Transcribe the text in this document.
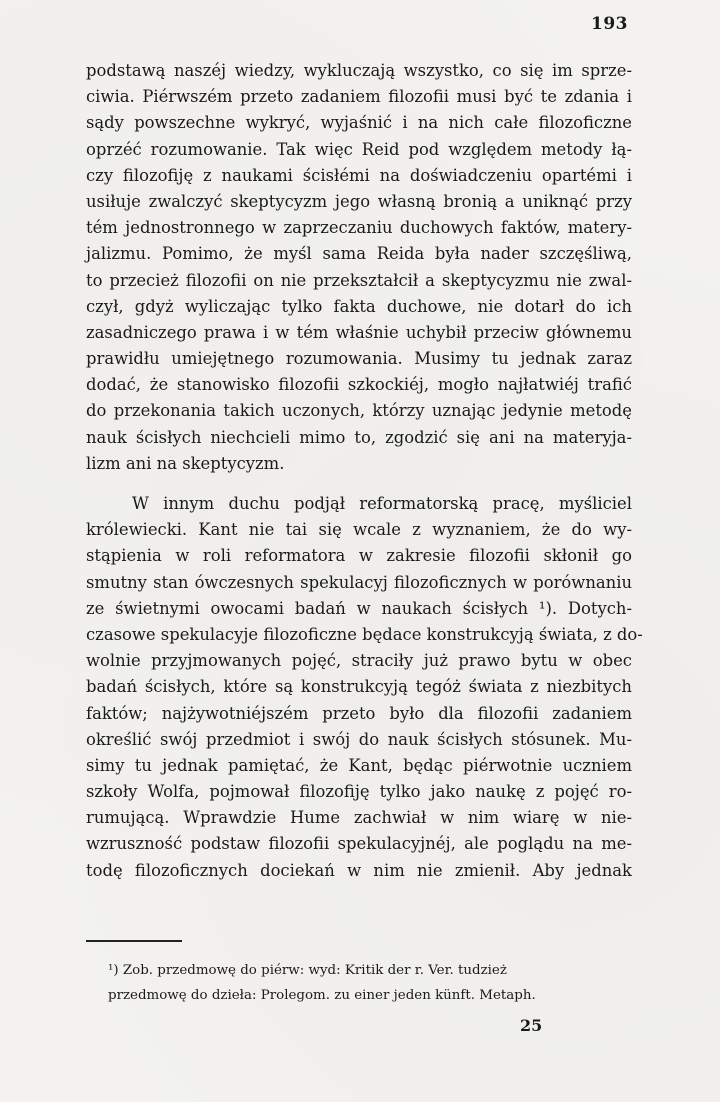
193
podstawą naszéj wiedzy, wykluczają wszystko, co się im sprze-
ciwia. Piérwszém przeto zadaniem filozofii musi być te zdania i
sądy powszechne wykryć, wyjaśnić i na nich całe filozoficzne
oprzéć rozumowanie. Tak więc Reid pod względem metody łą-
czy filozofiję z naukami ścisłémi na doświadczeniu opartémi i
usiłuje zwalczyć skeptycyzm jego własną bronią a uniknąć przy
tém jednostronnego w zaprzeczaniu duchowych faktów, matery-
jalizmu. Pomimo, że myśl sama Reida była nader szczęśliwą,
to przecież filozofii on nie przekształcił a skeptycyzmu nie zwal-
czył, gdyż wyliczając tylko fakta duchowe, nie dotarł do ich
zasadniczego prawa i w tém właśnie uchybił przeciw głównemu
prawidłu umiejętnego rozumowania. Musimy tu jednak zaraz
dodać, że stanowisko filozofii szkockiéj, mogło najłatwiéj trafić
do przekonania takich uczonych, którzy uznając jedynie metodę
nauk ścisłych niechcieli mimo to, zgodzić się ani na materyja-
lizm ani na skeptycyzm.
W innym duchu podjął reformatorską pracę, myśliciel
królewiecki. Kant nie tai się wcale z wyznaniem, że do wy-
stąpienia w roli reformatora w zakresie filozofii skłonił go
smutny stan ówczesnych spekulacyj filozoficznych w porównaniu
ze świetnymi owocami badań w naukach ścisłych ¹). Dotych-
czasowe spekulacyje filozoficzne będace konstrukcyją świata, z do-
wolnie przyjmowanych pojęć, straciły już prawo bytu w obec
badań ścisłych, które są konstrukcyją tegóż świata z niezbitych
faktów; najżywotniéjszém przeto było dla filozofii zadaniem
określić swój przedmiot i swój do nauk ścisłych stósunek. Mu-
simy tu jednak pamiętać, że Kant, będąc piérwotnie uczniem
szkoły Wolfa, pojmował filozofiję tylko jako naukę z pojęć ro-
rumującą. Wprawdzie Hume zachwiał w nim wiarę w nie-
wzruszność podstaw filozofii spekulacyjnéj, ale poglądu na me-
todę filozoficznych dociekań w nim nie zmienił. Aby jednak
¹) Zob. przedmowę do piérw: wyd: Kritik der r. Ver. tudzież
przedmowę do dzieła: Prolegom. zu einer jeden künft. Metaph.
25
